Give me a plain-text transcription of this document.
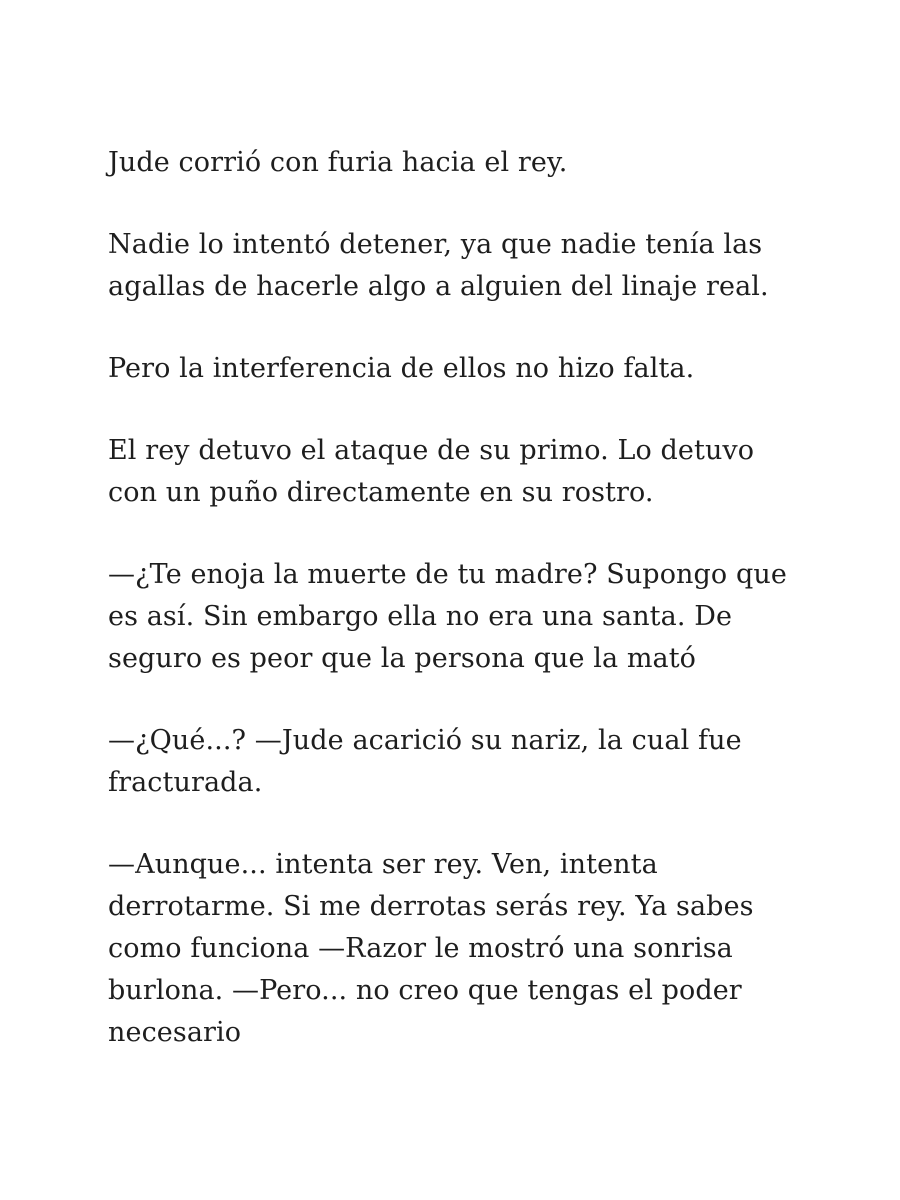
Jude corrió con furia hacia el rey.

Nadie lo intentó detener, ya que nadie tenía las
agallas de hacerle algo a alguien del linaje real.

Pero la interferencia de ellos no hizo falta.

El rey detuvo el ataque de su primo. Lo detuvo
con un puño directamente en su rostro.

—¿Te enoja la muerte de tu madre? Supongo que
es así. Sin embargo ella no era una santa. De
seguro es peor que la persona que la mató

—¿Qué...? —Jude acarició su nariz, la cual fue
fracturada.

—Aunque... intenta ser rey. Ven, intenta
derrotarme. Si me derrotas serás rey. Ya sabes
como funciona —Razor le mostró una sonrisa
burlona. —Pero... no creo que tengas el poder
necesario
